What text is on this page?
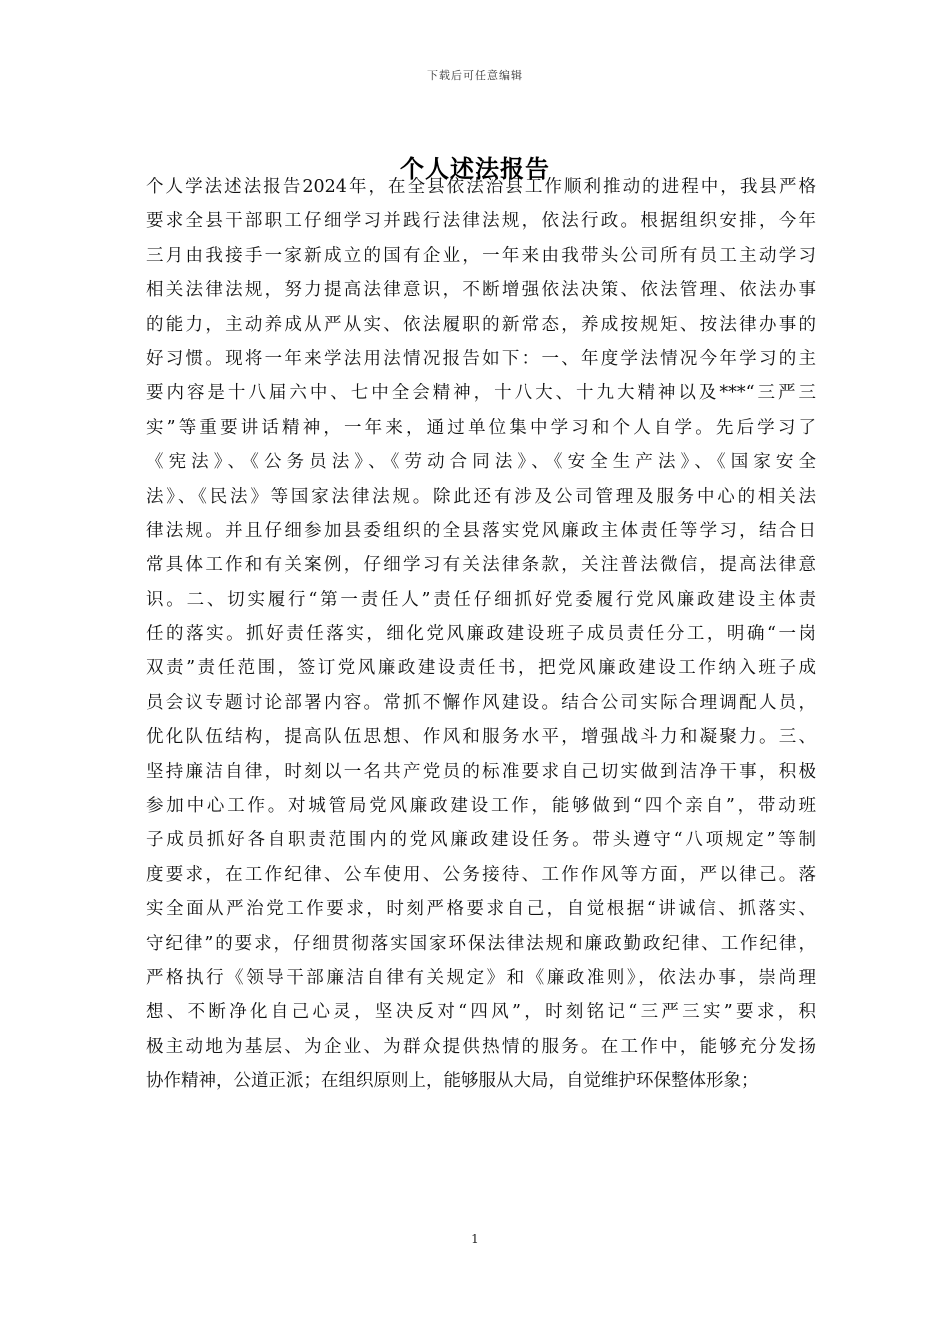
下载后可任意编辑
个人述法报告
个人学法述法报告2024年，在全县依法治县工作顺利推动的进程中，我县严格
要求全县干部职工仔细学习并践行法律法规，依法行政。根据组织安排，今年
三月由我接手一家新成立的国有企业，一年来由我带头公司所有员工主动学习
相关法律法规，努力提高法律意识，不断增强依法决策、依法管理、依法办事
的能力，主动养成从严从实、依法履职的新常态，养成按规矩、按法律办事的
好习惯。现将一年来学法用法情况报告如下：一、年度学法情况今年学习的主
要内容是十八届六中、七中全会精神，十八大、十九大精神以及***“三严三
实”等重要讲话精神，一年来，通过单位集中学习和个人自学。先后学习了
《宪法》、《公务员法》、《劳动合同法》、《安全生产法》、《国家安全
法》、《民法》等国家法律法规。除此还有涉及公司管理及服务中心的相关法
律法规。并且仔细参加县委组织的全县落实党风廉政主体责任等学习，结合日
常具体工作和有关案例，仔细学习有关法律条款，关注普法微信，提高法律意
识。二、切实履行“第一责任人”责任仔细抓好党委履行党风廉政建设主体责
任的落实。抓好责任落实，细化党风廉政建设班子成员责任分工，明确“一岗
双责”责任范围，签订党风廉政建设责任书，把党风廉政建设工作纳入班子成
员会议专题讨论部署内容。常抓不懈作风建设。结合公司实际合理调配人员，
优化队伍结构，提高队伍思想、作风和服务水平，增强战斗力和凝聚力。三、
坚持廉洁自律，时刻以一名共产党员的标准要求自己切实做到洁净干事，积极
参加中心工作。对城管局党风廉政建设工作，能够做到“四个亲自”，带动班
子成员抓好各自职责范围内的党风廉政建设任务。带头遵守“八项规定”等制
度要求，在工作纪律、公车使用、公务接待、工作作风等方面，严以律己。落
实全面从严治党工作要求，时刻严格要求自己，自觉根据“讲诚信、抓落实、
守纪律”的要求，仔细贯彻落实国家环保法律法规和廉政勤政纪律、工作纪律，
严格执行《领导干部廉洁自律有关规定》和《廉政准则》，依法办事，崇尚理
想、不断净化自己心灵，坚决反对“四风”，时刻铭记“三严三实”要求，积
极主动地为基层、为企业、为群众提供热情的服务。在工作中，能够充分发扬
协作精神，公道正派；在组织原则上，能够服从大局，自觉维护环保整体形象；
1
